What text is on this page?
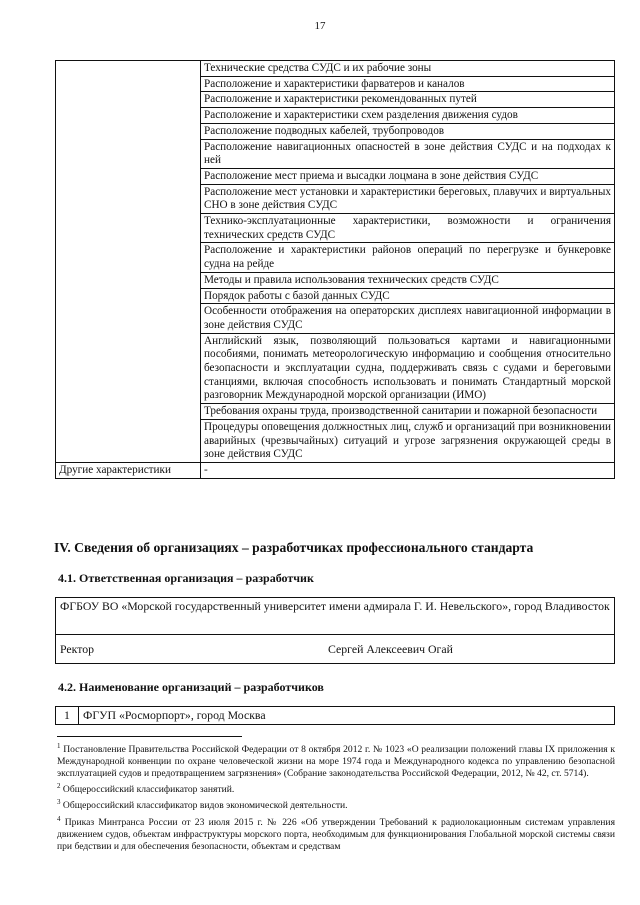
17
	Технические средства СУДС и их рабочие зоны
	Расположение и характеристики фарватеров и каналов
	Расположение и характеристики рекомендованных путей
	Расположение и характеристики схем разделения движения судов
	Расположение подводных кабелей, трубопроводов
	Расположение навигационных опасностей в зоне действия СУДС и на подходах к ней
	Расположение мест приема и высадки лоцмана в зоне действия СУДС
	Расположение мест установки и характеристики береговых, плавучих и виртуальных СНО в зоне действия СУДС
	Технико-эксплуатационные характеристики, возможности и ограничения технических средств СУДС
	Расположение и характеристики районов операций по перегрузке и бункеровке судна на рейде
	Методы и правила использования технических средств СУДС
	Порядок работы с базой данных СУДС
	Особенности отображения на операторских дисплеях навигационной информации в зоне действия СУДС
	Английский язык, позволяющий пользоваться картами и навигационными пособиями, понимать метеорологическую информацию и сообщения относительно безопасности и эксплуатации судна, поддерживать связь с судами и береговыми станциями, включая способность использовать и понимать Стандартный морской разговорник Международной морской организации (ИМО)
	Требования охраны труда, производственной санитарии и пожарной безопасности
	Процедуры оповещения должностных лиц, служб и организаций при возникновении аварийных (чрезвычайных) ситуаций и угрозе загрязнения окружающей среды в зоне действия СУДС
Другие характеристики	-
IV. Сведения об организациях – разработчиках профессионального стандарта
4.1. Ответственная организация – разработчик
ФГБОУ ВО «Морской государственный университет имени адмирала Г. И. Невельского», город Владивосток
Ректор	Сергей Алексеевич Огай
4.2. Наименование организаций – разработчиков
1	ФГУП «Росморпорт», город Москва

$^1$ Постановление Правительства Российской Федерации от 8 октября 2012 г. № 1023 «О реализации положений главы IX приложения к Международной конвенции по охране человеческой жизни на море 1974 года и Международного кодекса по управлению безопасной эксплуатацией судов и предотвращением загрязнения» (Собрание законодательства Российской Федерации, 2012, № 42, ст. 5714).

$^2$ Общероссийский классификатор занятий.

$^3$ Общероссийский классификатор видов экономической деятельности.

$^4$ Приказ Минтранса России от 23 июля 2015 г. № 226 «Об утверждении Требований к радиолокационным системам управления движением судов, объектам инфраструктуры морского порта, необходимым для функционирования Глобальной морской системы связи при бедствии и для обеспечения безопасности, объектам и средствам
